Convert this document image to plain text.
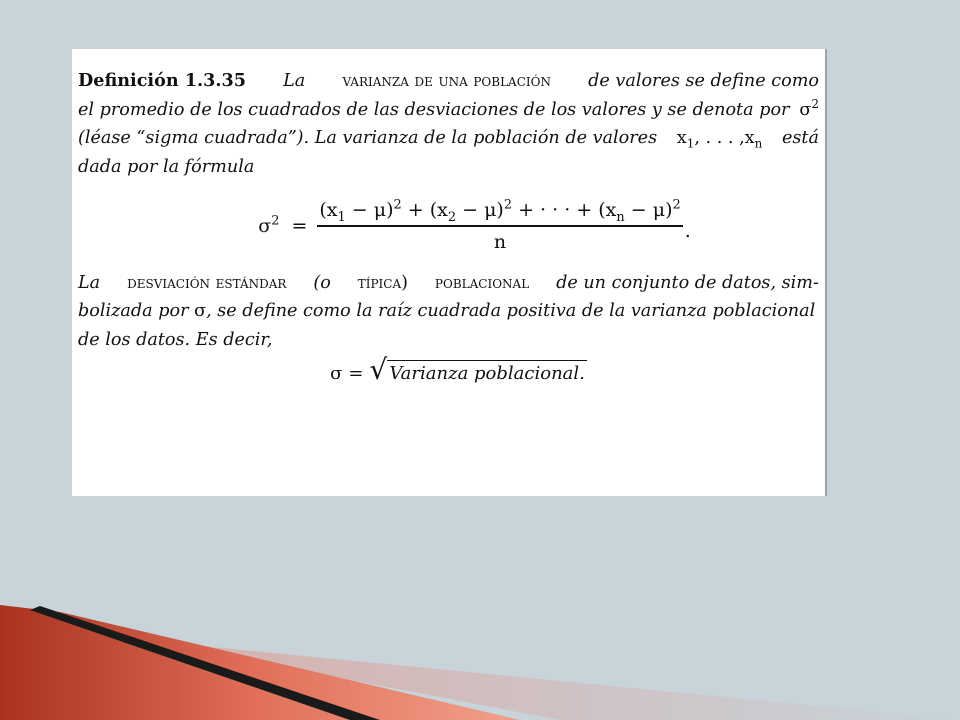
Definición 1.3.35 La varianza de una población de valores se define como
el promedio de los cuadrados de las desviaciones de los valores y se denota por $\sigma^2$
(léase “sigma cuadrada”). La varianza de la población de valores $x_1$, . . . $,x_n$ está
dada por la fórmula
$\sigma^2 = \frac{(x_1 - \mu)^2 + (x_2 - \mu)^2 + \cdot \cdot \cdot + (x_n - \mu)^2}{n}$ .
La desviación estándar (o típica) poblacional de un conjunto de datos, sim-
bolizada por σ, se define como la raíz cuadrada positiva de la varianza poblacional
de los datos. Es decir,
σ = √ Varianza poblacional.
